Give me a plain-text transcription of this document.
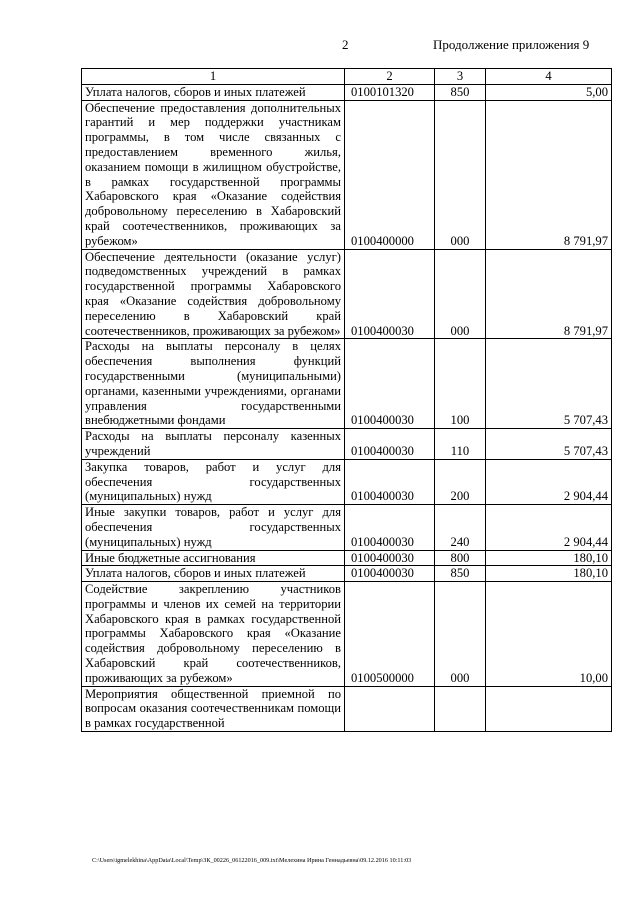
2	Продолжение приложения 9
1	2	3	4
Уплата налогов, сборов и иных платежей	0100101320	850	5,00
Обеспечение предоставления дополнительных гарантий и мер поддержки участникам программы, в том числе связанных с предоставлением временного жилья, оказанием помощи в жилищном обустройстве, в рамках государственной программы Хабаровского края «Оказание содействия добровольному переселению в Хабаровский край соотечественников, проживающих за рубежом»	0100400000	000	8 791,97
Обеспечение деятельности (оказание услуг) подведомственных учреждений в рамках государственной программы Хабаровского края «Оказание содействия добровольному переселению в Хабаровский край соотечественников, проживающих за рубежом»	0100400030	000	8 791,97
Расходы на выплаты персоналу в целях обеспечения выполнения функций государственными (муниципальными) органами, казенными учреждениями, органами управления государственными внебюджетными фондами	0100400030	100	5 707,43
Расходы на выплаты персоналу казенных учреждений	0100400030	110	5 707,43
Закупка товаров, работ и услуг для обеспечения государственных (муниципальных) нужд	0100400030	200	2 904,44
Иные закупки товаров, работ и услуг для обеспечения государственных (муниципальных) нужд	0100400030	240	2 904,44
Иные бюджетные ассигнования	0100400030	800	180,10
Уплата налогов, сборов и иных платежей	0100400030	850	180,10
Содействие закреплению участников программы и членов их семей на территории Хабаровского края в рамках государственной программы Хабаровского края «Оказание содействия добровольному переселению в Хабаровский край соотечественников, проживающих за рубежом»	0100500000	000	10,00
Мероприятия общественной приемной по вопросам оказания соотечественникам помощи в рамках государственной			
C:\Users\igmelekhina\AppData\Local\Temp\ЗК_00226_06122016_009.txt\Мелехина Ирина Геннадьевна\09.12.2016 10:11:03
